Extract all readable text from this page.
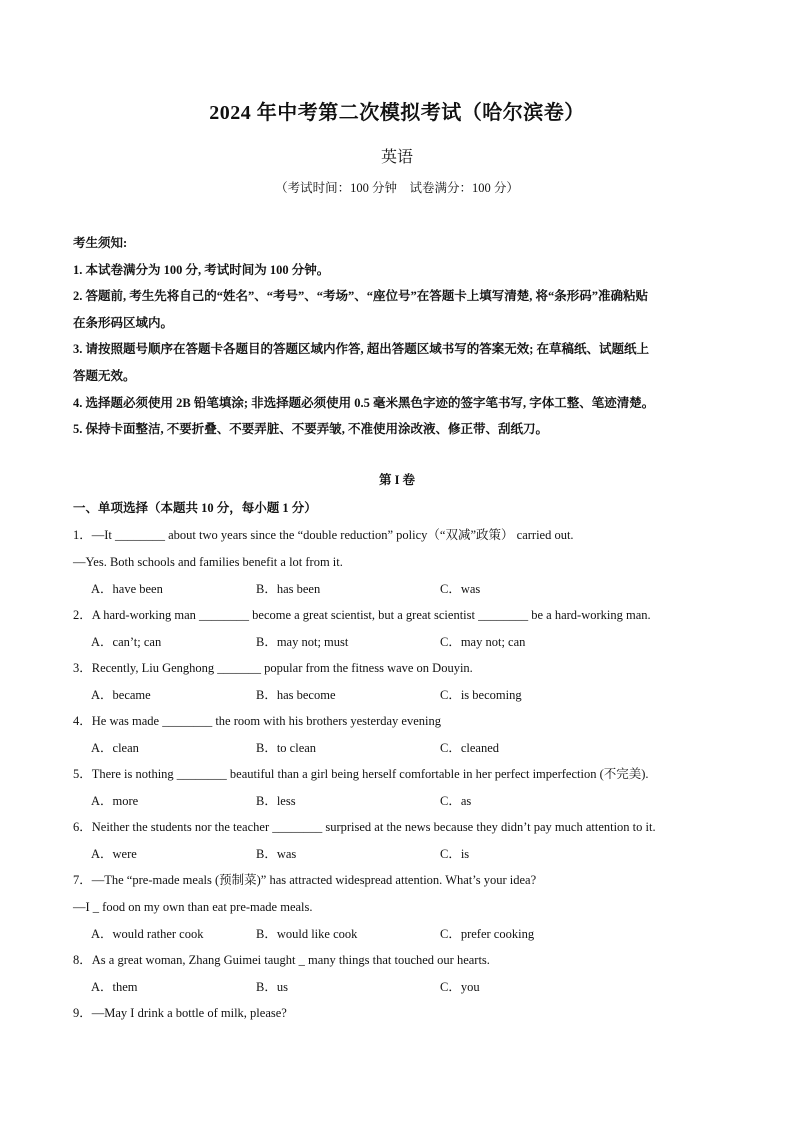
2024 年中考第二次模拟考试（哈尔滨卷）
英语
（考试时间：100 分钟　试卷满分：100 分）
考生须知:
1. 本试卷满分为 100 分, 考试时间为 100 分钟。
2. 答题前, 考生先将自己的“姓名”、“考号”、“考场”、“座位号”在答题卡上填写清楚, 将“条形码”准确粘贴
在条形码区域内。
3. 请按照题号顺序在答题卡各题目的答题区域内作答, 超出答题区域书写的答案无效; 在草稿纸、试题纸上
答题无效。
4. 选择题必须使用 2B 铅笔填涂; 非选择题必须使用 0.5 毫米黑色字迹的签字笔书写, 字体工整、笔迹清楚。
5. 保持卡面整洁, 不要折叠、不要弄脏、不要弄皱, 不准使用涂改液、修正带、刮纸刀。
第 I 卷
一、单项选择（本题共 10 分，每小题 1 分）
1．—It ________ about two years since the “double reduction” policy（“双减”政策） carried out.
—Yes. Both schools and families benefit a lot from it.
A．have been	B．has been	C．was
2．A hard-working man ________ become a great scientist, but a great scientist ________ be a hard-working man.
A．can’t; can	B．may not; must	C．may not; can
3．Recently, Liu Genghong _______ popular from the fitness wave on Douyin.
A．became	B．has become	C．is becoming
4．He was made ________ the room with his brothers yesterday evening
A．clean	B．to clean	C．cleaned
5．There is nothing ________ beautiful than a girl being herself comfortable in her perfect imperfection (不完美).
A．more	B．less	C．as
6．Neither the students nor the teacher ________ surprised at the news because they didn’t pay much attention to it.
A．were	B．was	C．is
7．—The “pre-made meals (预制菜)” has attracted widespread attention. What’s your idea?
—I _ food on my own than eat pre-made meals.
A．would rather cook	B．would like cook	C．prefer cooking
8．As a great woman, Zhang Guimei taught _ many things that touched our hearts.
A．them	B．us	C．you
9．—May I drink a bottle of milk, please?
